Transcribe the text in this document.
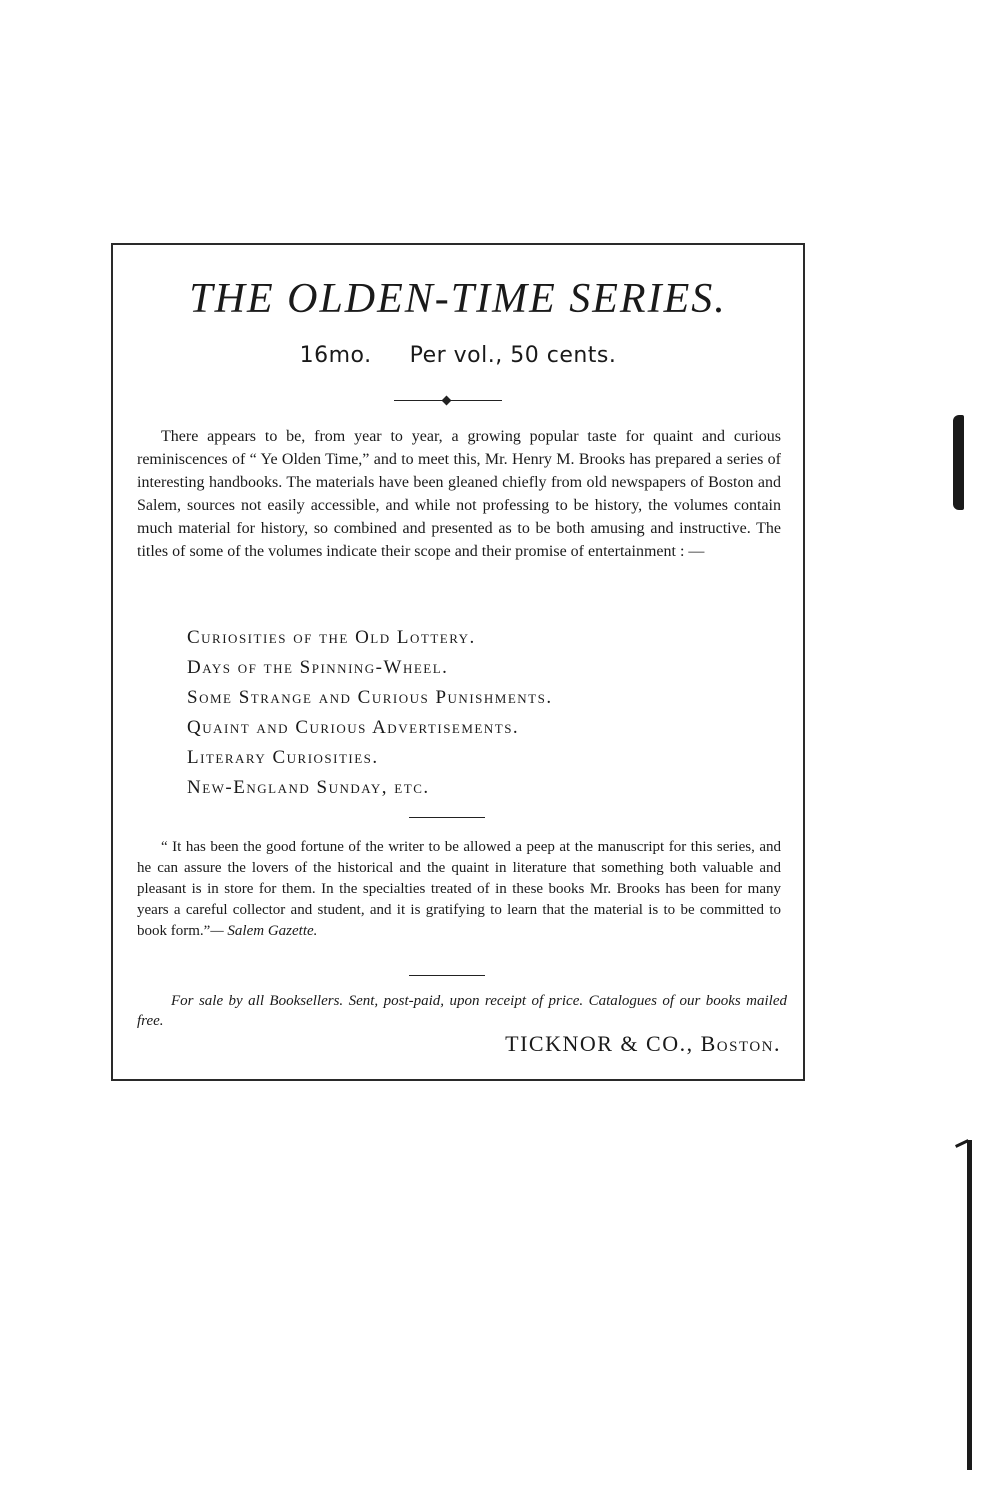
THE OLDEN-TIME SERIES.
16mo. Per vol., 50 cents.

There appears to be, from year to year, a growing popular taste for quaint and curious reminiscences of “ Ye Olden Time,” and to meet this, Mr. Henry M. Brooks has prepared a series of interesting handbooks. The materials have been gleaned chiefly from old newspapers of Boston and Salem, sources not easily accessible, and while not professing to be history, the volumes contain much material for history, so combined and presented as to be both amusing and instructive. The titles of some of the volumes indicate their scope and their promise of entertainment : —

Curiosities of the Old Lottery.
Days of the Spinning-Wheel.
Some Strange and Curious Punishments.
Quaint and Curious Advertisements.
Literary Curiosities.
New-England Sunday, etc.

“ It has been the good fortune of the writer to be allowed a peep at the manuscript for this series, and he can assure the lovers of the historical and the quaint in literature that something both valuable and pleasant is in store for them. In the specialties treated of in these books Mr. Brooks has been for many years a careful collector and student, and it is gratifying to learn that the material is to be committed to book form.”— Salem Gazette.

For sale by all Booksellers. Sent, post-paid, upon receipt of price. Catalogues of our books mailed free.

TICKNOR & CO., Boston.
